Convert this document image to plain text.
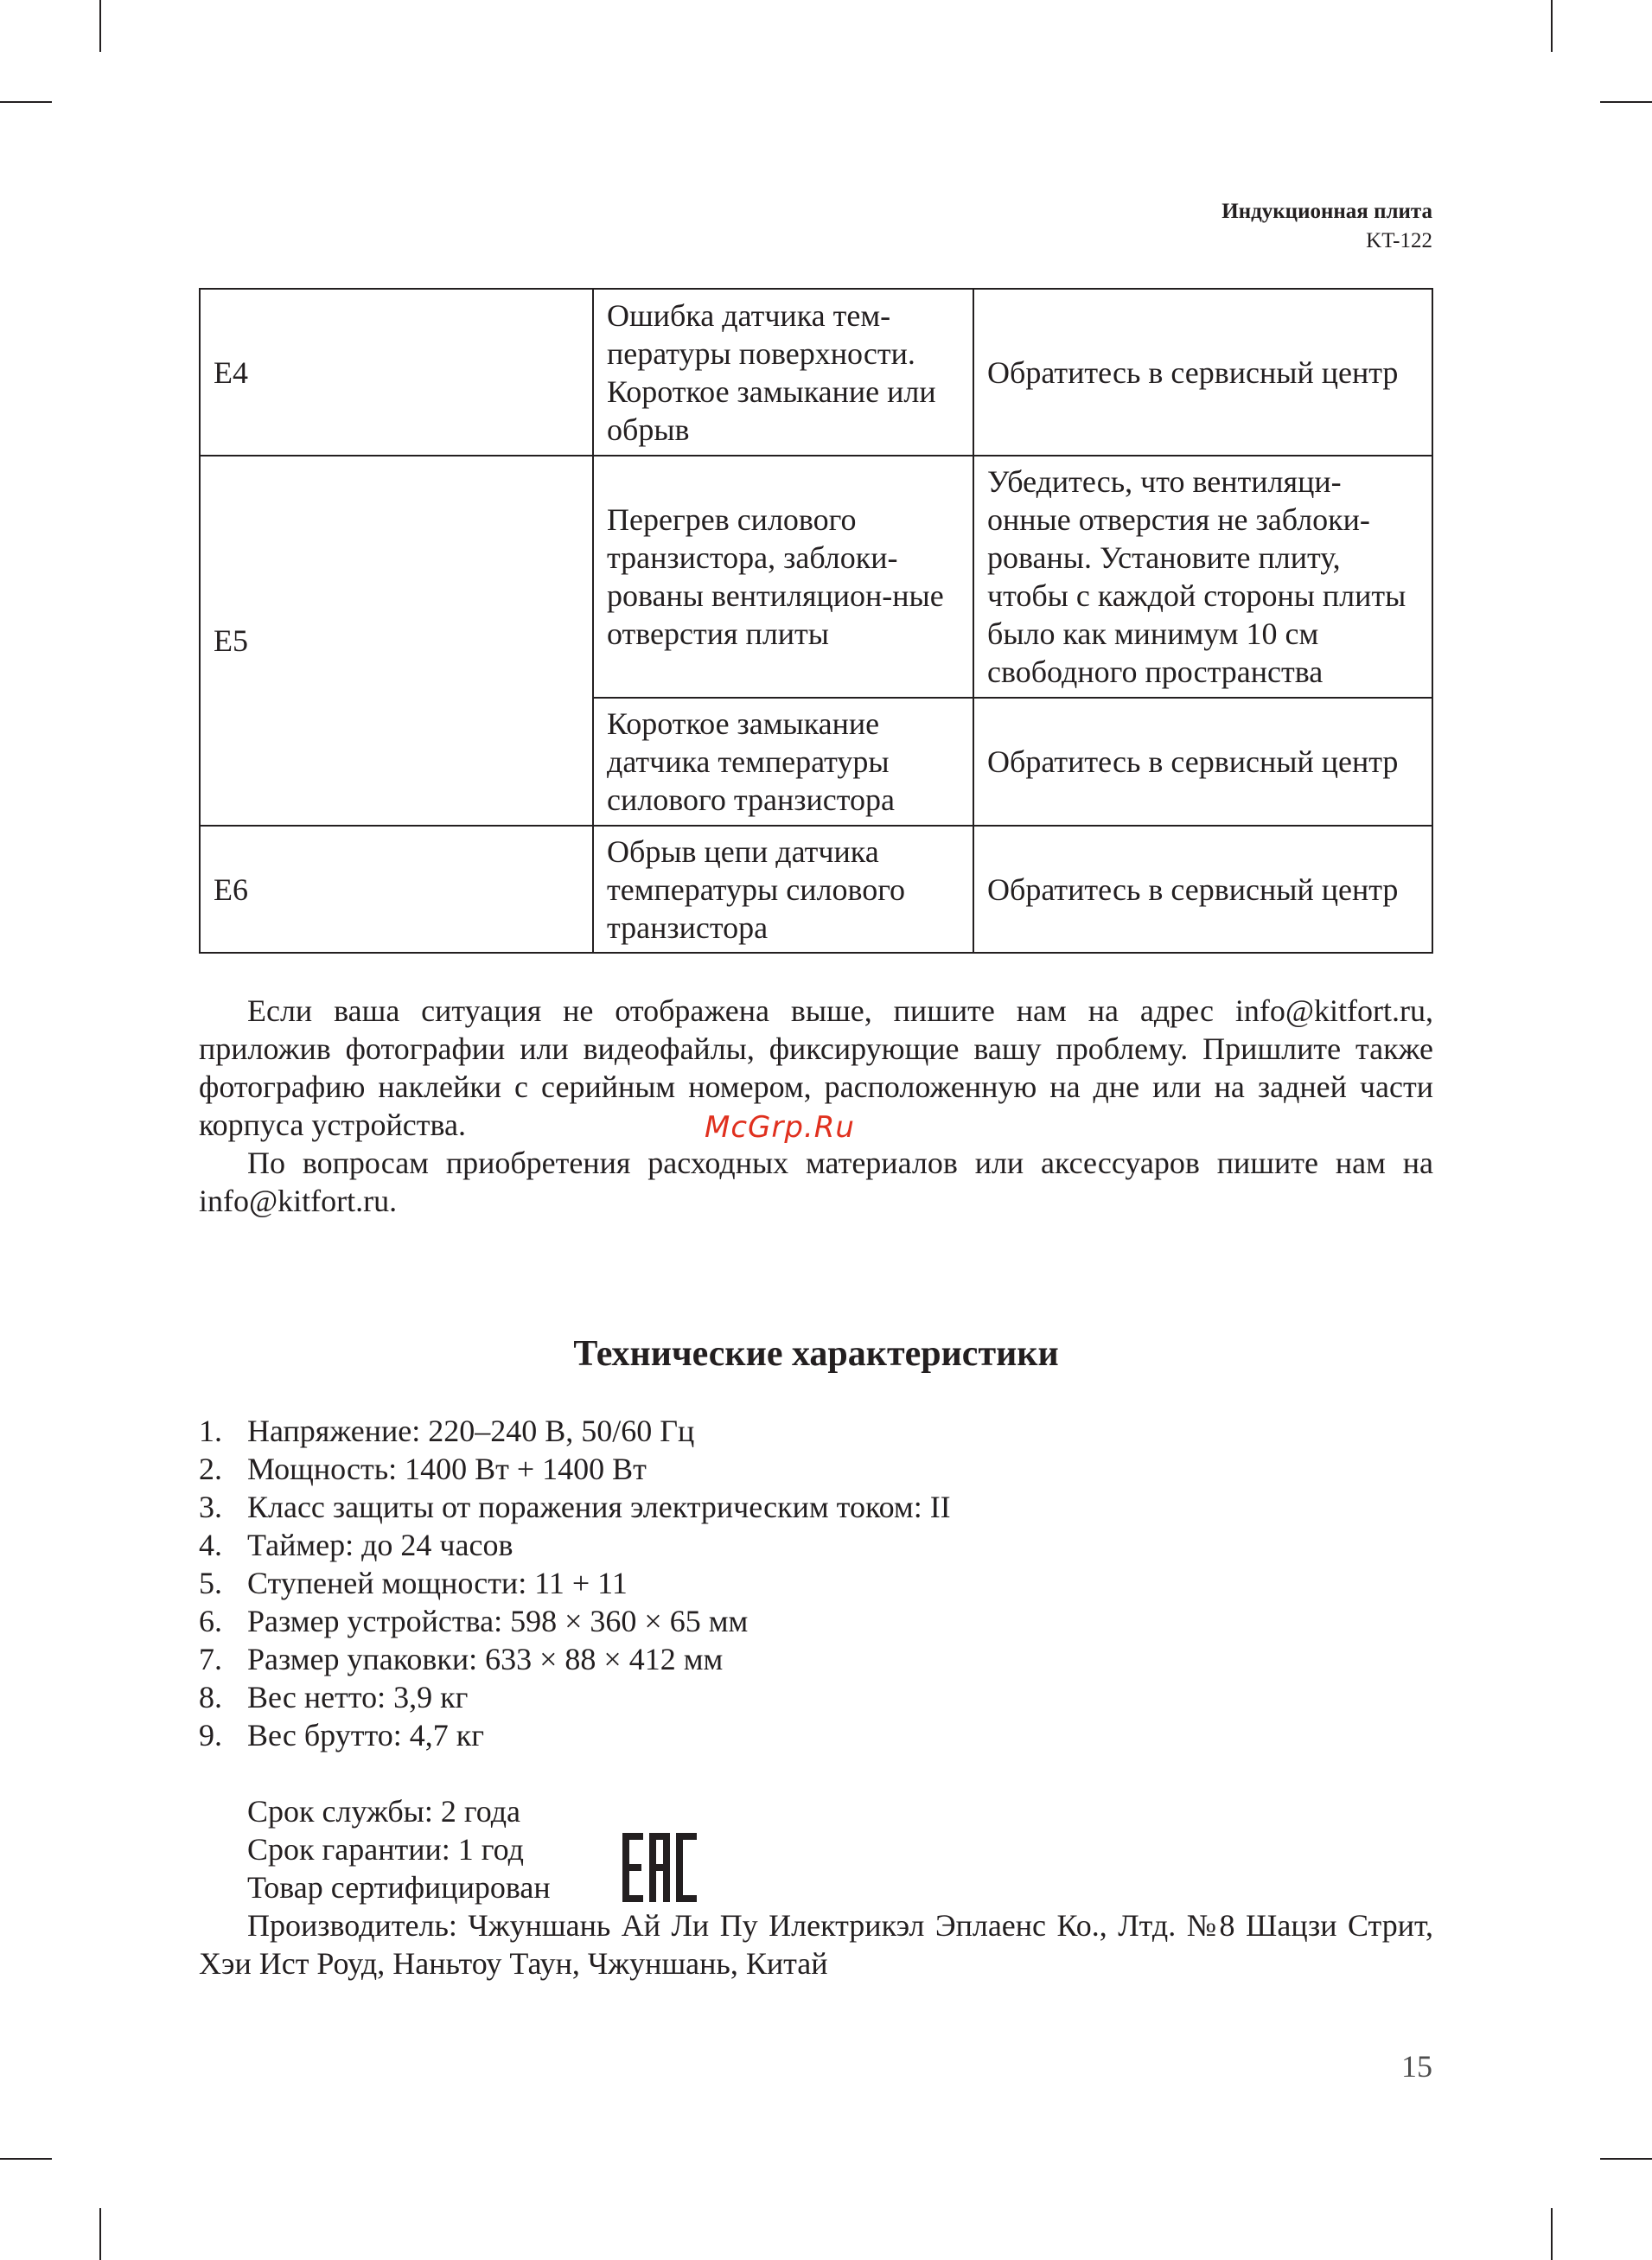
Индукционная плита
KT-122
E4	Ошибка датчика тем-пературы поверхности. Короткое замыкание или обрыв	Обратитесь в сервисный центр
E5	Перегрев силового транзистора, заблоки-рованы вентиляцион-ные отверстия плиты	Убедитесь, что вентиляци-онные отверстия не заблоки-рованы. Установите плиту, чтобы с каждой стороны плиты было как минимум 10 см свободного пространства
	Короткое замыкание датчика температуры силового транзистора	Обратитесь в сервисный центр
E6	Обрыв цепи датчика температуры силового транзистора	Обратитесь в сервисный центр

Если ваша ситуация не отображена выше, пишите нам на адрес info@kitfort.ru, приложив фотографии или видеофайлы, фиксирующие вашу проблему. Пришлите также фотографию наклейки с серийным номером, расположенную на дне или на задней части корпуса устройства.	McGrp.Ru

По вопросам приобретения расходных материалов или аксессуаров пишите нам на info@kitfort.ru.

Технические характеристики
1. Напряжение: 220–240 В, 50/60 Гц
2. Мощность: 1400 Вт + 1400 Вт
3. Класс защиты от поражения электрическим током: II
4. Таймер: до 24 часов
5. Ступеней мощности: 11 + 11
6. Размер устройства: 598 × 360 × 65 мм
7. Размер упаковки: 633 × 88 × 412 мм
8. Вес нетто: 3,9 кг
9. Вес брутто: 4,7 кг
Срок службы: 2 года
Срок гарантии: 1 год
Товар сертифицирован

Производитель: Чжуншань Ай Ли Пу Илектрикэл Эплаенс Ко., Лтд. №8 Шацзи Стрит, Хэи Ист Роуд, Наньтоу Таун, Чжуншань, Китай

15
